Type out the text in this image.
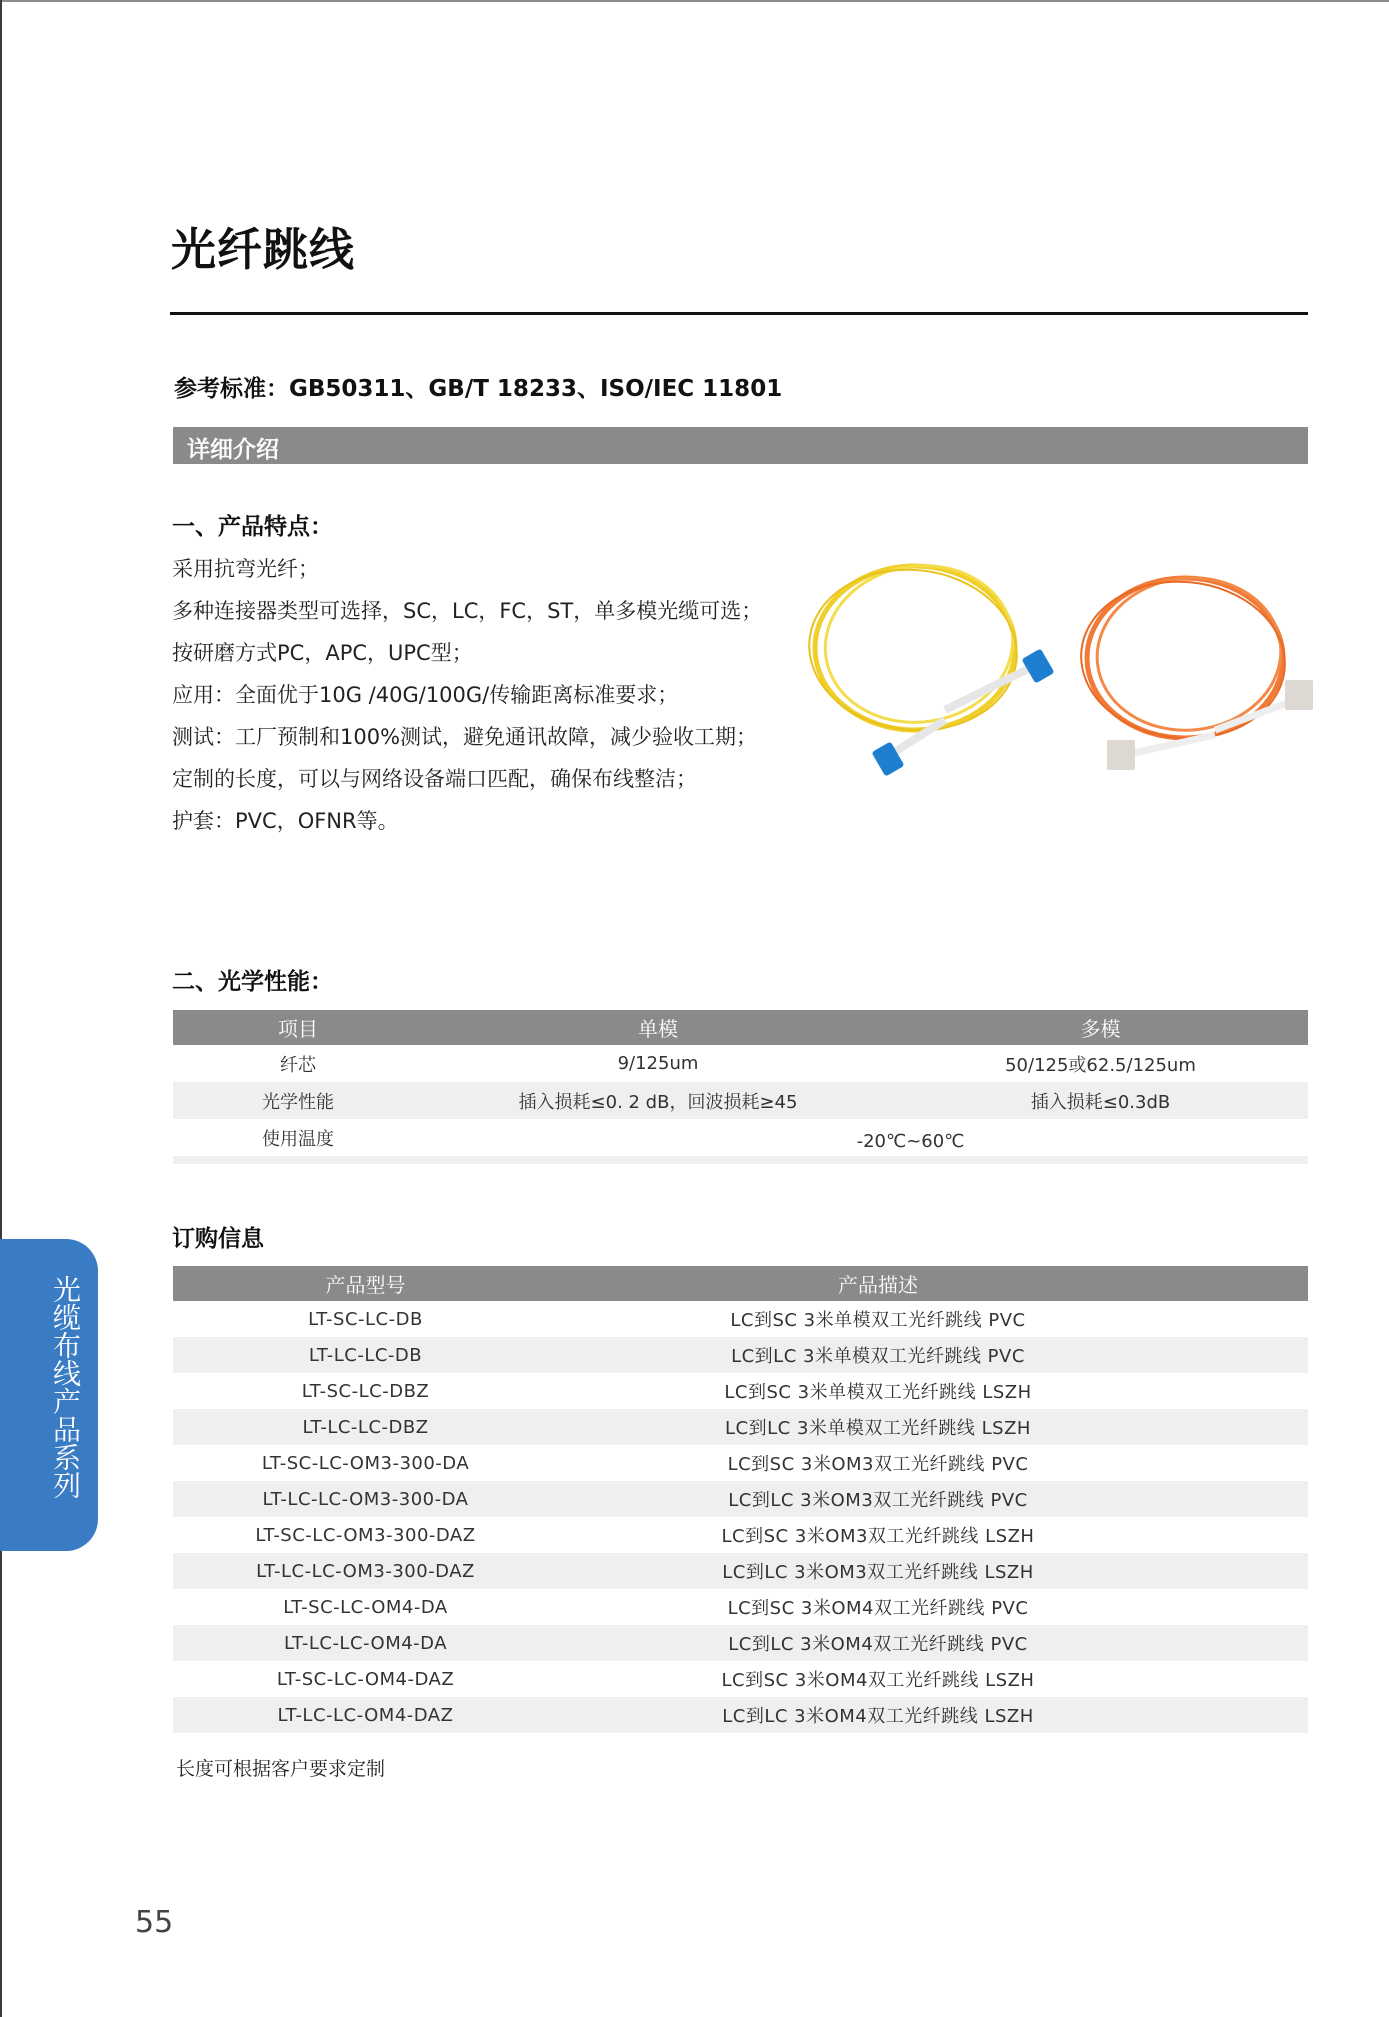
光纤跳线
参考标准：GB50311、GB/T 18233、ISO/IEC 11801
详细介绍
一、产品特点：
采用抗弯光纤；
多种连接器类型可选择，SC，LC，FC，ST，单多模光缆可选；
按研磨方式PC，APC，UPC型；
应用：全面优于10G /40G/100G/传输距离标准要求；
测试：工厂预制和100%测试，避免通讯故障，减少验收工期；
定制的长度，可以与网络设备端口匹配，确保布线整洁；
护套：PVC，OFNR等。
二、光学性能：
项目	单模	多模
纤芯	9/125um	50/125或62.5/125um
光学性能	插入损耗≤0. 2 dB，回波损耗≥45	插入损耗≤0.3dB
使用温度	-20℃~60℃	

订购信息
产品型号	产品描述
LT-SC-LC-DB	LC到SC 3米单模双工光纤跳线 PVC
LT-LC-LC-DB	LC到LC 3米单模双工光纤跳线 PVC
LT-SC-LC-DBZ	LC到SC 3米单模双工光纤跳线 LSZH
LT-LC-LC-DBZ	LC到LC 3米单模双工光纤跳线 LSZH
LT-SC-LC-OM3-300-DA	LC到SC 3米OM3双工光纤跳线 PVC
LT-LC-LC-OM3-300-DA	LC到LC 3米OM3双工光纤跳线 PVC
LT-SC-LC-OM3-300-DAZ	LC到SC 3米OM3双工光纤跳线 LSZH
LT-LC-LC-OM3-300-DAZ	LC到LC 3米OM3双工光纤跳线 LSZH
LT-SC-LC-OM4-DA	LC到SC 3米OM4双工光纤跳线 PVC
LT-LC-LC-OM4-DA	LC到LC 3米OM4双工光纤跳线 PVC
LT-SC-LC-OM4-DAZ	LC到SC 3米OM4双工光纤跳线 LSZH
LT-LC-LC-OM4-DAZ	LC到LC 3米OM4双工光纤跳线 LSZH
长度可根据客户要求定制
光缆布线产品系列
55
